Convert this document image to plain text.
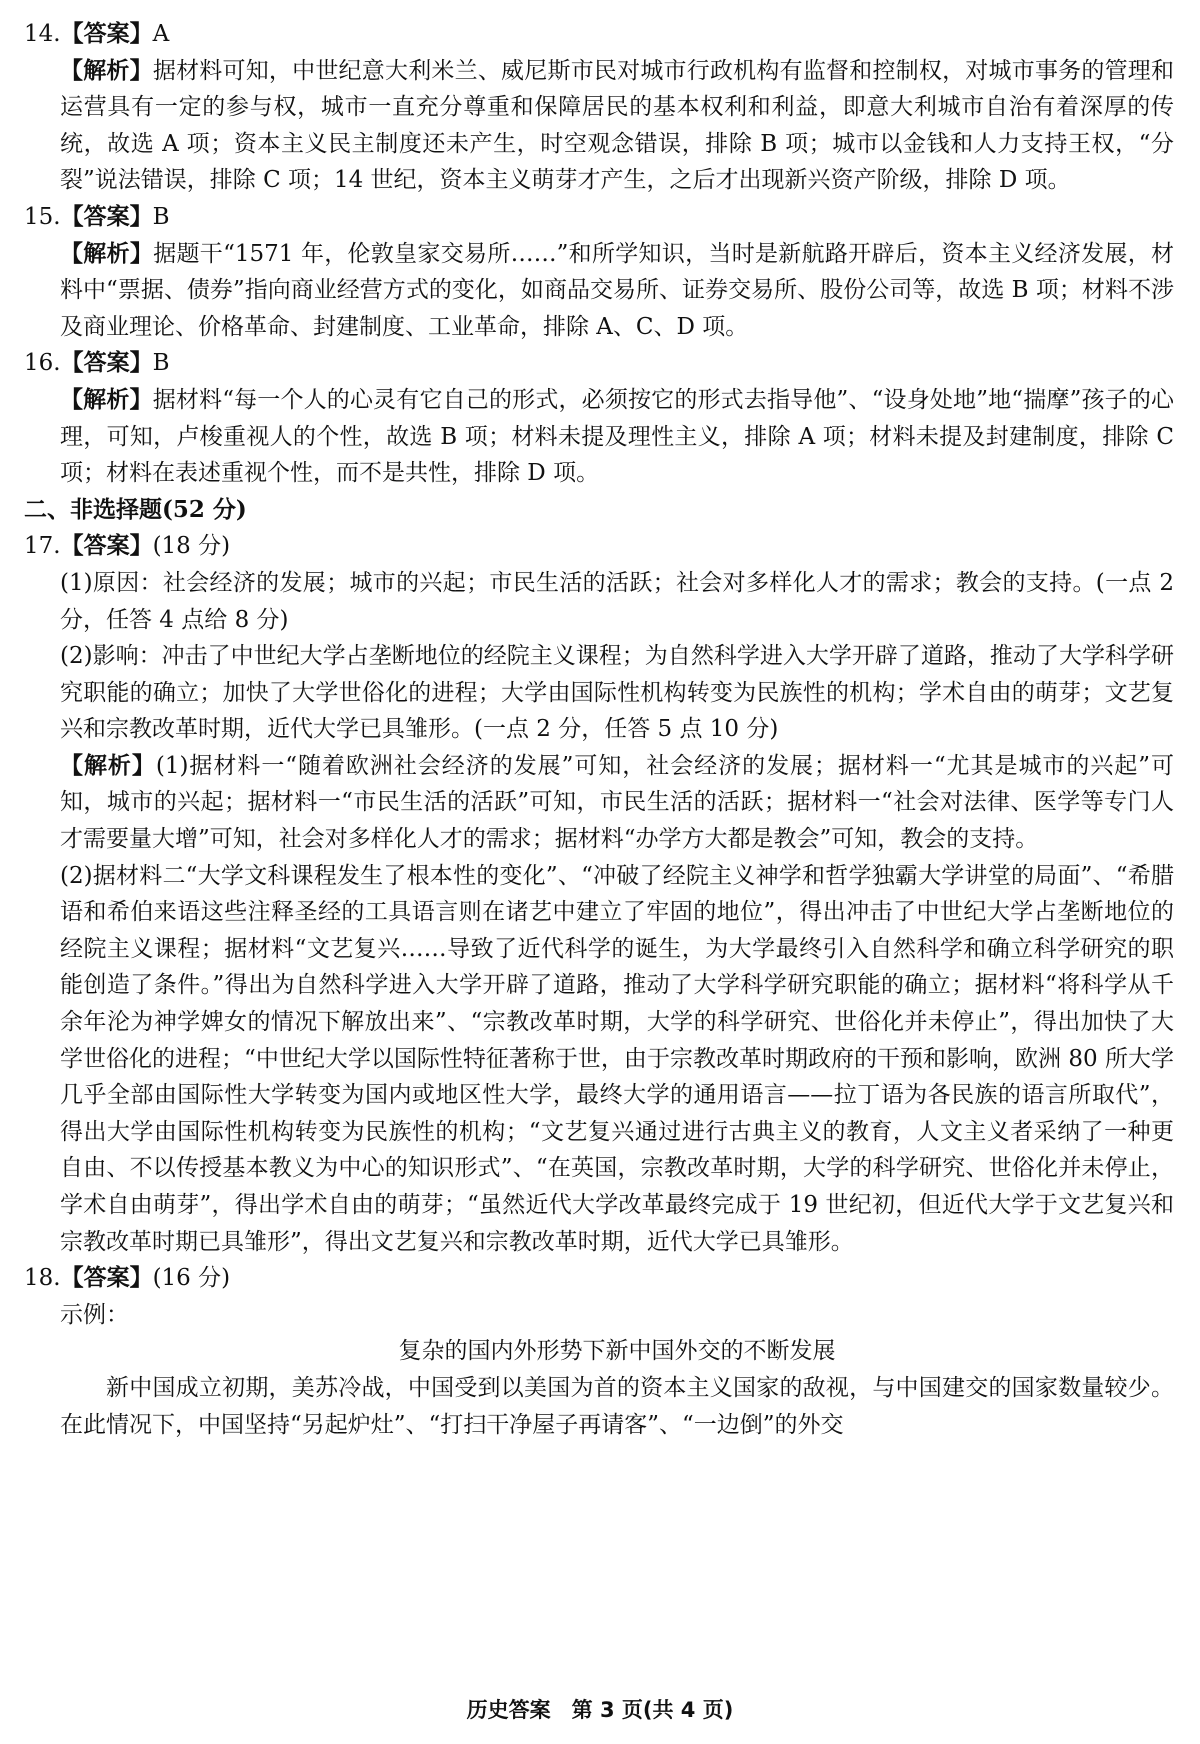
14.【答案】A

【解析】据材料可知，中世纪意大利米兰、威尼斯市民对城市行政机构有监督和控制权，对城市事务的管理和运营具有一定的参与权，城市一直充分尊重和保障居民的基本权利和利益，即意大利城市自治有着深厚的传统，故选 A 项；资本主义民主制度还未产生，时空观念错误，排除 B 项；城市以金钱和人力支持王权，“分裂”说法错误，排除 C 项；14 世纪，资本主义萌芽才产生，之后才出现新兴资产阶级，排除 D 项。

15.【答案】B

【解析】据题干“1571 年，伦敦皇家交易所……”和所学知识，当时是新航路开辟后，资本主义经济发展，材料中“票据、债券”指向商业经营方式的变化，如商品交易所、证券交易所、股份公司等，故选 B 项；材料不涉及商业理论、价格革命、封建制度、工业革命，排除 A、C、D 项。

16.【答案】B

【解析】据材料“每一个人的心灵有它自己的形式，必须按它的形式去指导他”、“设身处地”地“揣摩”孩子的心理，可知，卢梭重视人的个性，故选 B 项；材料未提及理性主义，排除 A 项；材料未提及封建制度，排除 C 项；材料在表述重视个性，而不是共性，排除 D 项。

二、非选择题(52 分)

17.【答案】(18 分)

(1)原因：社会经济的发展；城市的兴起；市民生活的活跃；社会对多样化人才的需求；教会的支持。(一点 2 分，任答 4 点给 8 分)

(2)影响：冲击了中世纪大学占垄断地位的经院主义课程；为自然科学进入大学开辟了道路，推动了大学科学研究职能的确立；加快了大学世俗化的进程；大学由国际性机构转变为民族性的机构；学术自由的萌芽；文艺复兴和宗教改革时期，近代大学已具雏形。(一点 2 分，任答 5 点 10 分)

【解析】(1)据材料一“随着欧洲社会经济的发展”可知，社会经济的发展；据材料一“尤其是城市的兴起”可知，城市的兴起；据材料一“市民生活的活跃”可知，市民生活的活跃；据材料一“社会对法律、医学等专门人才需要量大增”可知，社会对多样化人才的需求；据材料“办学方大都是教会”可知，教会的支持。

(2)据材料二“大学文科课程发生了根本性的变化”、“冲破了经院主义神学和哲学独霸大学讲堂的局面”、“希腊语和希伯来语这些注释圣经的工具语言则在诸艺中建立了牢固的地位”，得出冲击了中世纪大学占垄断地位的经院主义课程；据材料“文艺复兴……导致了近代科学的诞生，为大学最终引入自然科学和确立科学研究的职能创造了条件。”得出为自然科学进入大学开辟了道路，推动了大学科学研究职能的确立；据材料“将科学从千余年沦为神学婢女的情况下解放出来”、“宗教改革时期，大学的科学研究、世俗化并未停止”，得出加快了大学世俗化的进程；“中世纪大学以国际性特征著称于世，由于宗教改革时期政府的干预和影响，欧洲 80 所大学几乎全部由国际性大学转变为国内或地区性大学，最终大学的通用语言——拉丁语为各民族的语言所取代”，得出大学由国际性机构转变为民族性的机构；“文艺复兴通过进行古典主义的教育，人文主义者采纳了一种更自由、不以传授基本教义为中心的知识形式”、“在英国，宗教改革时期，大学的科学研究、世俗化并未停止，学术自由萌芽”，得出学术自由的萌芽；“虽然近代大学改革最终完成于 19 世纪初，但近代大学于文艺复兴和宗教改革时期已具雏形”，得出文艺复兴和宗教改革时期，近代大学已具雏形。

18.【答案】(16 分)

示例：

复杂的国内外形势下新中国外交的不断发展

新中国成立初期，美苏冷战，中国受到以美国为首的资本主义国家的敌视，与中国建交的国家数量较少。在此情况下，中国坚持“另起炉灶”、“打扫干净屋子再请客”、“一边倒”的外交

历史答案　第 3 页(共 4 页)
